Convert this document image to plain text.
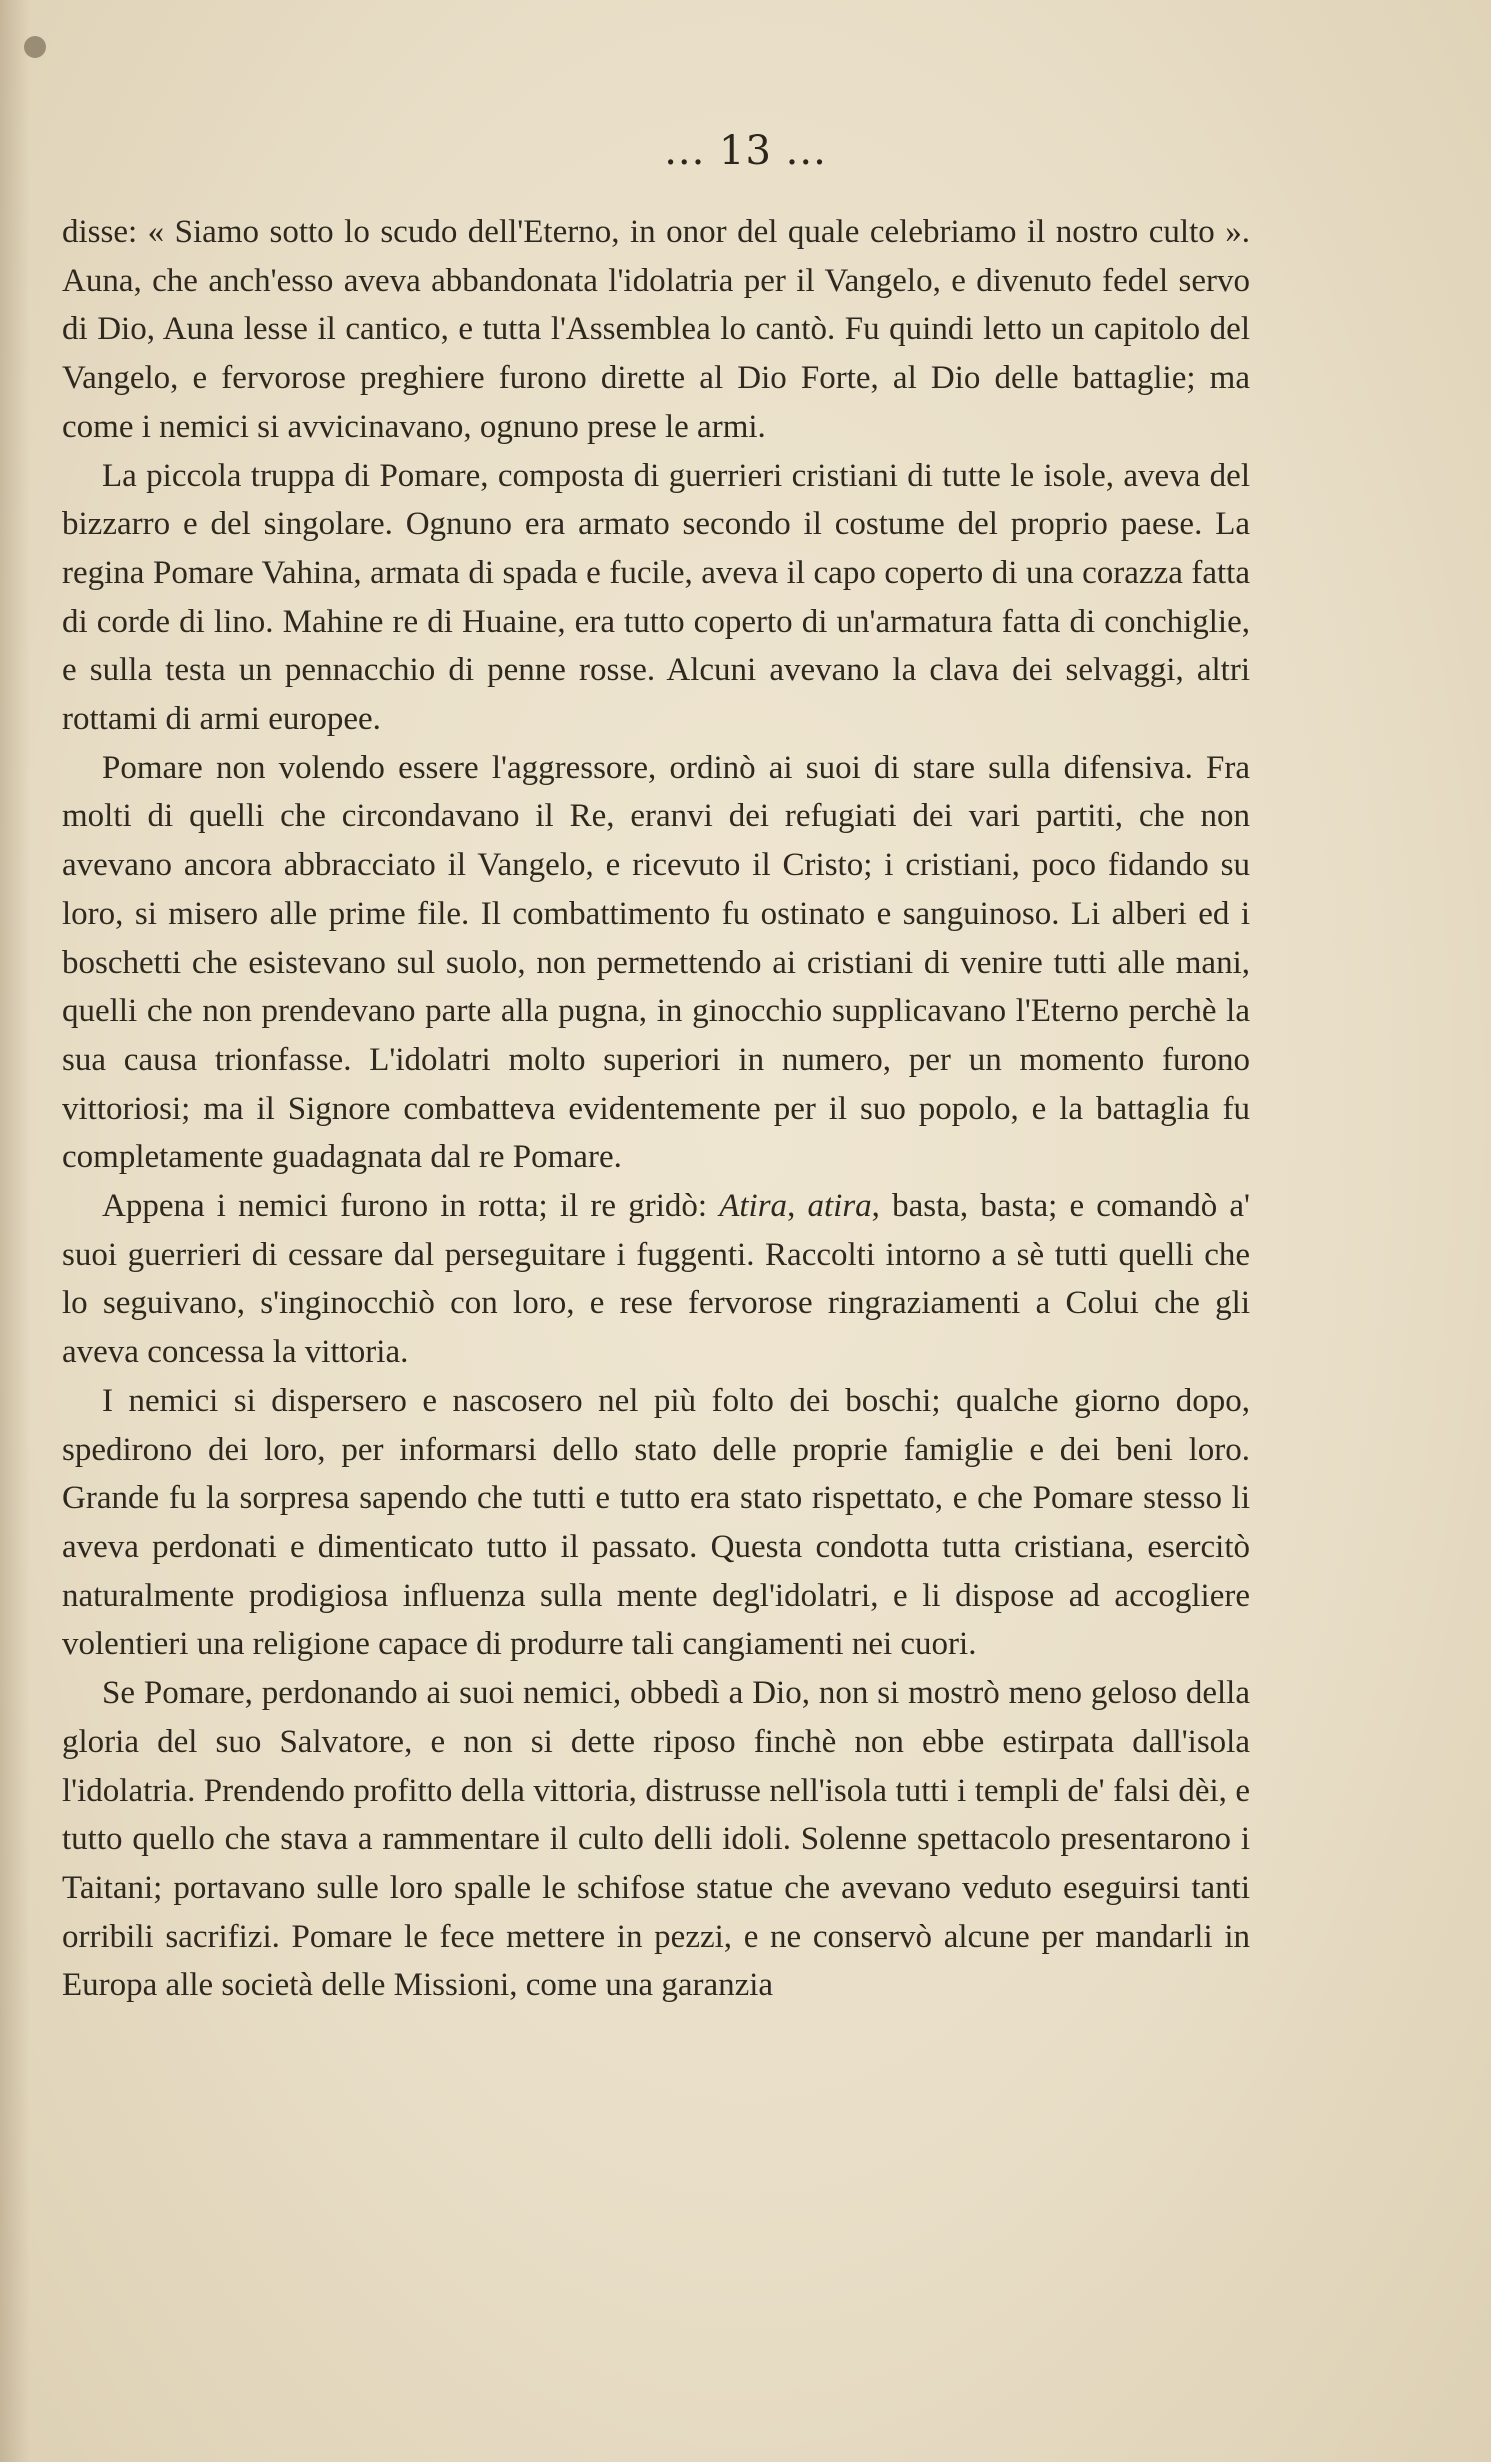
... 13 ...

disse: « Siamo sotto lo scudo dell'Eterno, in onor del quale celebriamo il nostro culto ». Auna, che anch'esso aveva abbandonata l'idolatria per il Vangelo, e divenuto fedel servo di Dio, Auna lesse il cantico, e tutta l'Assemblea lo cantò. Fu quindi letto un capitolo del Vangelo, e fervorose preghiere furono dirette al Dio Forte, al Dio delle battaglie; ma come i nemici si avvicinavano, ognuno prese le armi.

La piccola truppa di Pomare, composta di guerrieri cristiani di tutte le isole, aveva del bizzarro e del singolare. Ognuno era armato secondo il costume del proprio paese. La regina Pomare Vahina, armata di spada e fucile, aveva il capo coperto di una corazza fatta di corde di lino. Mahine re di Huaine, era tutto coperto di un'armatura fatta di conchiglie, e sulla testa un pennacchio di penne rosse. Alcuni avevano la clava dei selvaggi, altri rottami di armi europee.

Pomare non volendo essere l'aggressore, ordinò ai suoi di stare sulla difensiva. Fra molti di quelli che circondavano il Re, eranvi dei refugiati dei vari partiti, che non avevano ancora abbracciato il Vangelo, e ricevuto il Cristo; i cristiani, poco fidando su loro, si misero alle prime file. Il combattimento fu ostinato e sanguinoso. Li alberi ed i boschetti che esistevano sul suolo, non permettendo ai cristiani di venire tutti alle mani, quelli che non prendevano parte alla pugna, in ginocchio supplicavano l'Eterno perchè la sua causa trionfasse. L'idolatri molto superiori in numero, per un momento furono vittoriosi; ma il Signore combatteva evidentemente per il suo popolo, e la battaglia fu completamente guadagnata dal re Pomare.

Appena i nemici furono in rotta; il re gridò: Atira, atira, basta, basta; e comandò a' suoi guerrieri di cessare dal perseguitare i fuggenti. Raccolti intorno a sè tutti quelli che lo seguivano, s'inginocchiò con loro, e rese fervorose ringraziamenti a Colui che gli aveva concessa la vittoria.

I nemici si dispersero e nascosero nel più folto dei boschi; qualche giorno dopo, spedirono dei loro, per informarsi dello stato delle proprie famiglie e dei beni loro. Grande fu la sorpresa sapendo che tutti e tutto era stato rispettato, e che Pomare stesso li aveva perdonati e dimenticato tutto il passato. Questa condotta tutta cristiana, esercitò naturalmente prodigiosa influenza sulla mente degl'idolatri, e li dispose ad accogliere volentieri una religione capace di produrre tali cangiamenti nei cuori.

Se Pomare, perdonando ai suoi nemici, obbedì a Dio, non si mostrò meno geloso della gloria del suo Salvatore, e non si dette riposo finchè non ebbe estirpata dall'isola l'idolatria. Prendendo profitto della vittoria, distrusse nell'isola tutti i templi de' falsi dèi, e tutto quello che stava a rammentare il culto delli idoli. Solenne spettacolo presentarono i Taitani; portavano sulle loro spalle le schifose statue che avevano veduto eseguirsi tanti orribili sacrifizi. Pomare le fece mettere in pezzi, e ne conservò alcune per mandarli in Europa alle società delle Missioni, come una garanzia
